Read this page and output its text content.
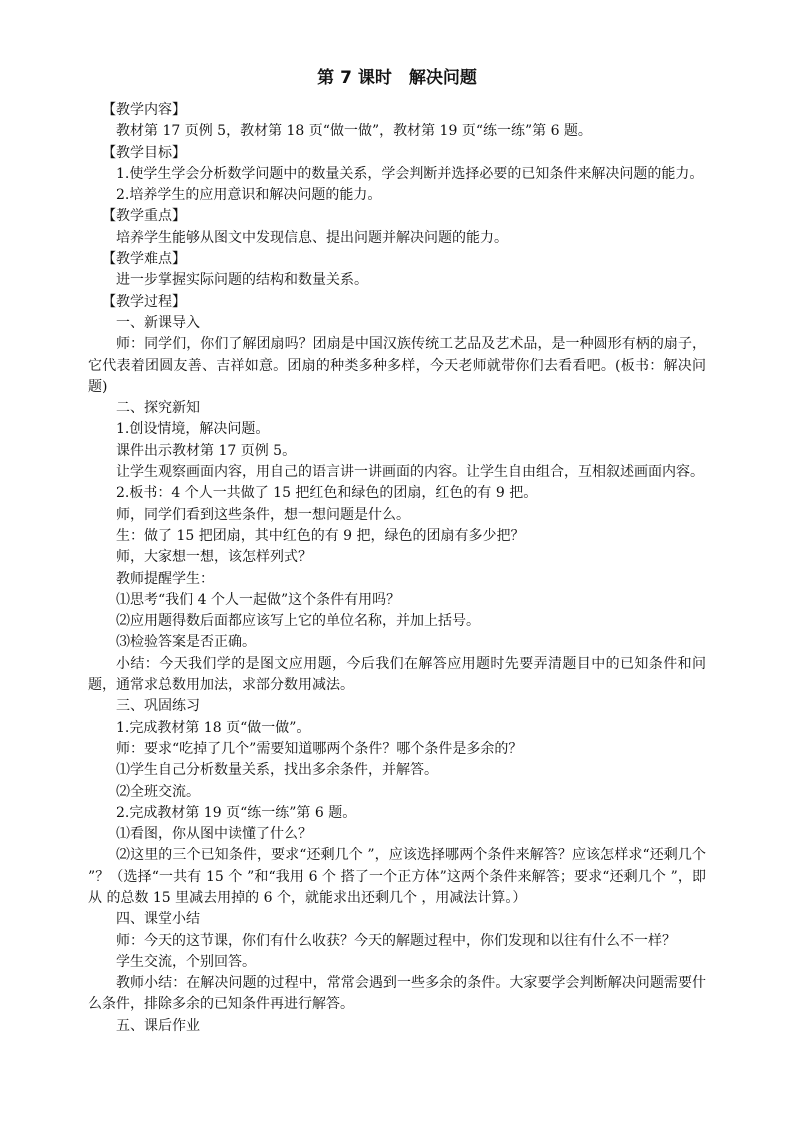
第 7 课时　解决问题

【教学内容】

教材第 17 页例 5，教材第 18 页“做一做”，教材第 19 页“练一练”第 6 题。

【教学目标】

1.使学生学会分析数学问题中的数量关系，学会判断并选择必要的已知条件来解决问题的能力。

2.培养学生的应用意识和解决问题的能力。

【教学重点】

培养学生能够从图文中发现信息、提出问题并解决问题的能力。

【教学难点】

进一步掌握实际问题的结构和数量关系。

【教学过程】

一、新课导入

师：同学们，你们了解团扇吗？团扇是中国汉族传统工艺品及艺术品，是一种圆形有柄的扇子，它代表着团圆友善、吉祥如意。团扇的种类多种多样，今天老师就带你们去看看吧。(板书：解决问题)

二、探究新知

1.创设情境，解决问题。

课件出示教材第 17 页例 5。

让学生观察画面内容，用自己的语言讲一讲画面的内容。让学生自由组合，互相叙述画面内容。

2.板书：4 个人一共做了 15 把红色和绿色的团扇，红色的有 9 把。

师，同学们看到这些条件，想一想问题是什么。

生：做了 15 把团扇，其中红色的有 9 把，绿色的团扇有多少把？

师，大家想一想，该怎样列式？

教师提醒学生：

⑴思考“我们 4 个人一起做”这个条件有用吗？

⑵应用题得数后面都应该写上它的单位名称，并加上括号。

⑶检验答案是否正确。

小结：今天我们学的是图文应用题，今后我们在解答应用题时先要弄清题目中的已知条件和问题，通常求总数用加法，求部分数用减法。

三、巩固练习

1.完成教材第 18 页“做一做”。

师：要求“吃掉了几个”需要知道哪两个条件？哪个条件是多余的？

⑴学生自己分析数量关系，找出多余条件，并解答。

⑵全班交流。

2.完成教材第 19 页“练一练”第 6 题。

⑴看图，你从图中读懂了什么？

⑵这里的三个已知条件，要求“还剩几个 ”，应该选择哪两个条件来解答？应该怎样求“还剩几个 ”？（选择“一共有 15 个 ”和“我用 6 个 搭了一个正方体”这两个条件来解答；要求“还剩几个 ”，即从 的总数 15 里减去用掉的 6 个，就能求出还剩几个 ，用减法计算。）

四、课堂小结

师：今天的这节课，你们有什么收获？今天的解题过程中，你们发现和以往有什么不一样？

学生交流，个别回答。

教师小结：在解决问题的过程中，常常会遇到一些多余的条件。大家要学会判断解决问题需要什么条件，排除多余的已知条件再进行解答。

五、课后作业
